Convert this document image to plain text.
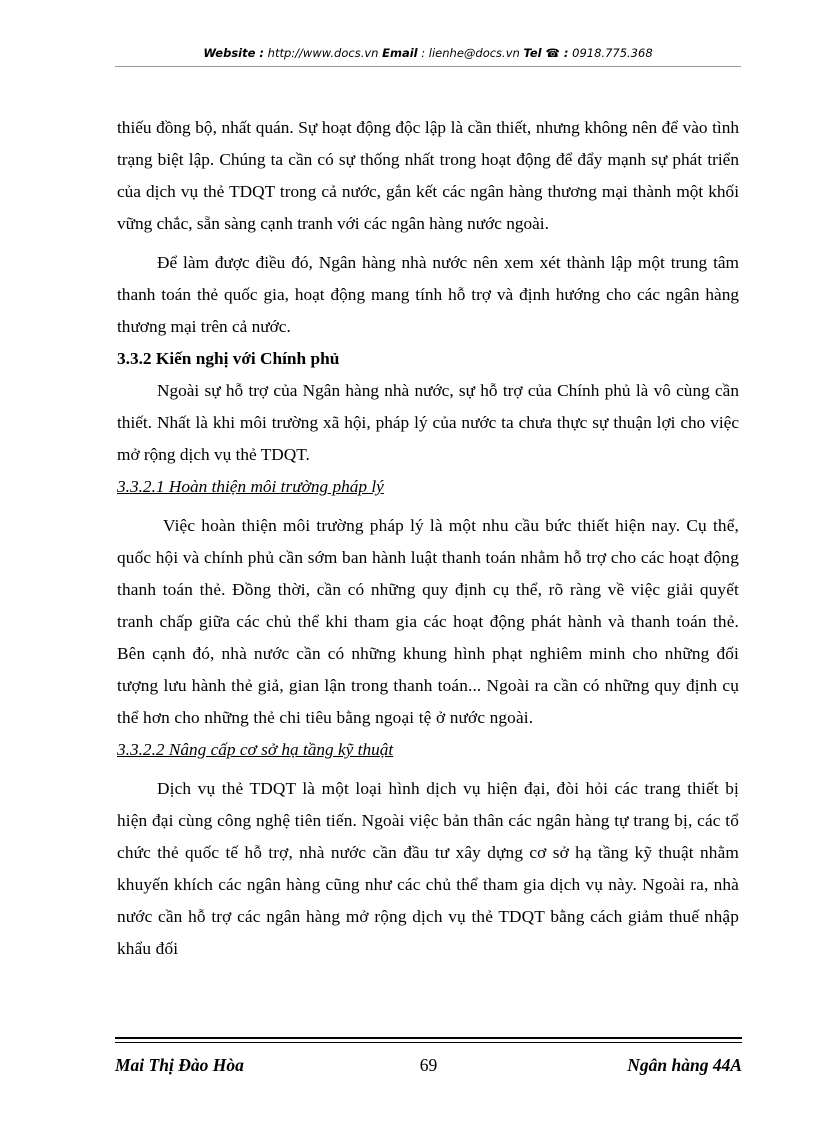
Website : http://www.docs.vn Email : lienhe@docs.vn Tel ☎ : 0918.775.368

thiếu đồng bộ, nhất quán. Sự hoạt động độc lập là cần thiết, nhưng không nên để vào tình trạng biệt lập. Chúng ta cần có sự thống nhất trong hoạt động để đẩy mạnh sự phát triển của dịch vụ thẻ TDQT trong cả nước, gắn kết các ngân hàng thương mại thành một khối vững chắc, sẵn sàng cạnh tranh với các ngân hàng nước ngoài.

Để làm được điều đó, Ngân hàng nhà nước nên xem xét thành lập một trung tâm thanh toán thẻ quốc gia, hoạt động mang tính hỗ trợ và định hướng cho các ngân hàng thương mại trên cả nước.

3.3.2 Kiến nghị với Chính phủ

Ngoài sự hỗ trợ của Ngân hàng nhà nước, sự hỗ trợ của Chính phủ là vô cùng cần thiết. Nhất là khi môi trường xã hội, pháp lý của nước ta chưa thực sự thuận lợi cho việc mở rộng dịch vụ thẻ TDQT.

3.3.2.1 Hoàn thiện môi trường pháp lý

Việc hoàn thiện môi trường pháp lý là một nhu cầu bức thiết hiện nay. Cụ thể, quốc hội và chính phủ cần sớm ban hành luật thanh toán nhằm hỗ trợ cho các hoạt động thanh toán thẻ. Đồng thời, cần có những quy định cụ thể, rõ ràng về việc giải quyết tranh chấp giữa các chủ thể khi tham gia các hoạt động phát hành và thanh toán thẻ. Bên cạnh đó, nhà nước cần có những khung hình phạt nghiêm minh cho những đối tượng lưu hành thẻ giả, gian lận trong thanh toán... Ngoài ra cần có những quy định cụ thể hơn cho những thẻ chi tiêu bằng ngoại tệ ở nước ngoài.

3.3.2.2 Nâng cấp cơ sở hạ tầng kỹ thuật

Dịch vụ thẻ TDQT là một loại hình dịch vụ hiện đại, đòi hỏi các trang thiết bị hiện đại cùng công nghệ tiên tiến. Ngoài việc bản thân các ngân hàng tự trang bị, các tổ chức thẻ quốc tế hỗ trợ, nhà nước cần đầu tư xây dựng cơ sở hạ tầng kỹ thuật nhằm khuyến khích các ngân hàng cũng như các chủ thể tham gia dịch vụ này. Ngoài ra, nhà nước cần hỗ trợ các ngân hàng mở rộng dịch vụ thẻ TDQT bằng cách giảm thuế nhập khẩu đối

Mai Thị Đào Hòa	69	Ngân hàng 44A
